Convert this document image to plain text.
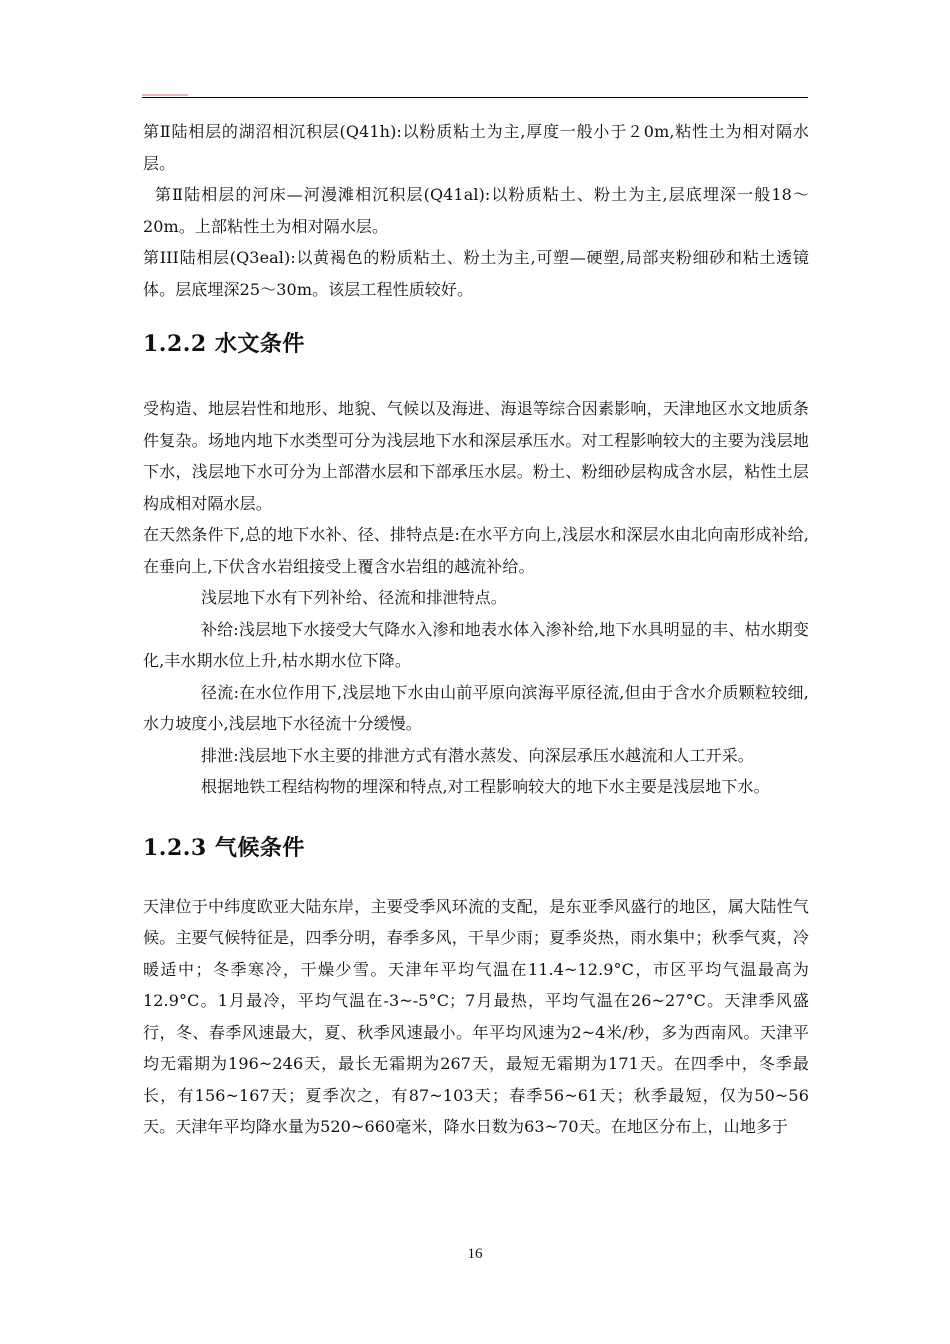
第Ⅱ陆相层的湖沼相沉积层(Q41h):以粉质粘土为主,厚度一般小于２0m,粘性土为相对隔水层。

第Ⅱ陆相层的河床—河漫滩相沉积层(Q41al):以粉质粘土、粉土为主,层底埋深一般18～20m。上部粘性土为相对隔水层。

第III陆相层(Q3eal):以黄褐色的粉质粘土、粉土为主,可塑—硬塑,局部夹粉细砂和粘土透镜体。层底埋深25～30m。该层工程性质较好。

1.2.2 水文条件

受构造、地层岩性和地形、地貌、气候以及海进、海退等综合因素影响，天津地区水文地质条件复杂。场地内地下水类型可分为浅层地下水和深层承压水。对工程影响较大的主要为浅层地下水，浅层地下水可分为上部潜水层和下部承压水层。粉土、粉细砂层构成含水层，粘性土层构成相对隔水层。

在天然条件下,总的地下水补、径、排特点是:在水平方向上,浅层水和深层水由北向南形成补给,在垂向上,下伏含水岩组接受上覆含水岩组的越流补给。

浅层地下水有下列补给、径流和排泄特点。

补给:浅层地下水接受大气降水入渗和地表水体入渗补给,地下水具明显的丰、枯水期变化,丰水期水位上升,枯水期水位下降。

径流:在水位作用下,浅层地下水由山前平原向滨海平原径流,但由于含水介质颗粒较细,水力坡度小,浅层地下水径流十分缓慢。

排泄:浅层地下水主要的排泄方式有潜水蒸发、向深层承压水越流和人工开采。

根据地铁工程结构物的埋深和特点,对工程影响较大的地下水主要是浅层地下水。

1.2.3 气候条件

天津位于中纬度欧亚大陆东岸，主要受季风环流的支配，是东亚季风盛行的地区，属大陆性气候。主要气候特征是，四季分明，春季多风，干旱少雨；夏季炎热，雨水集中；秋季气爽，冷暖适中；冬季寒冷，干燥少雪。天津年平均气温在11.4~12.9°C，市区平均气温最高为12.9°C。1月最冷，平均气温在-3~-5°C；7月最热，平均气温在26~27°C。天津季风盛行，冬、春季风速最大，夏、秋季风速最小。年平均风速为2~4米/秒，多为西南风。天津平均无霜期为196~246天，最长无霜期为267天，最短无霜期为171天。在四季中，冬季最长，有156~167天；夏季次之，有87~103天；春季56~61天；秋季最短，仅为50~56天。天津年平均降水量为520~660毫米，降水日数为63~70天。在地区分布上，山地多于

16
